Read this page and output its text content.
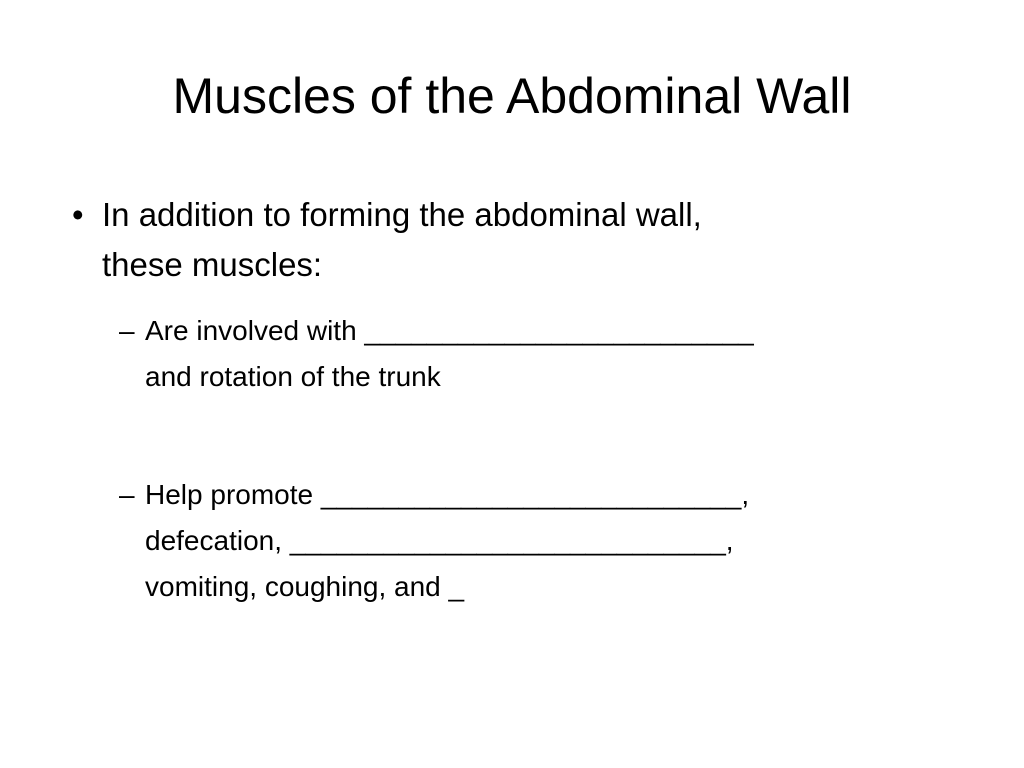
Muscles of the Abdominal Wall
• In addition to forming the abdominal wall,
these muscles:
– Are involved with _________________________
and rotation of the trunk
– Help promote ___________________________,
defecation, ____________________________,
vomiting, coughing, and _
